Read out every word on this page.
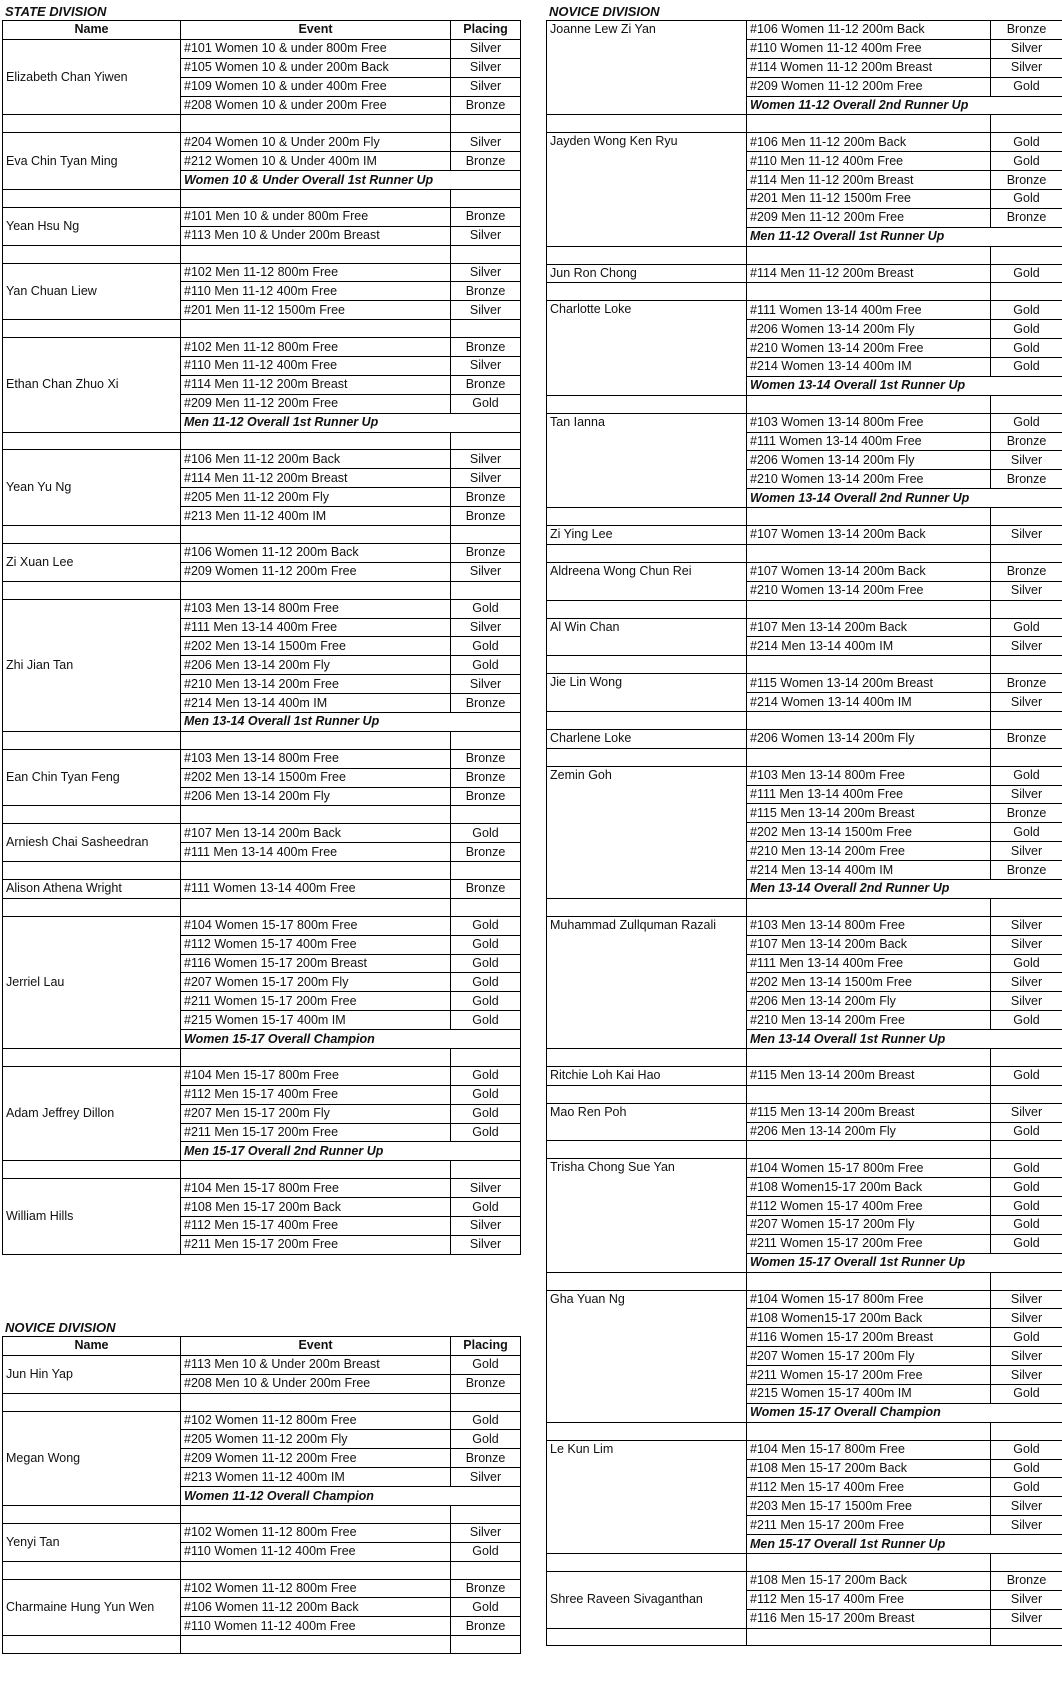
STATE DIVISION
Name	Event	Placing
Elizabeth Chan Yiwen	#101 Women 10 & under 800m Free	Silver
	#105 Women 10 & under 200m Back	Silver
	#109 Women 10 & under 400m Free	Silver
	#208 Women 10 & under 200m Free	Bronze

Eva Chin Tyan Ming	#204 Women 10 & Under 200m Fly	Silver
	#212 Women 10 & Under 400m IM	Bronze
	Women 10 & Under Overall 1st Runner Up	

Yean Hsu Ng	#101 Men 10 & under 800m Free	Bronze
	#113 Men 10 & Under 200m Breast	Silver

Yan Chuan Liew	#102 Men 11-12 800m Free	Silver
	#110 Men 11-12 400m Free	Bronze
	#201 Men 11-12 1500m Free	Silver

Ethan Chan Zhuo Xi	#102 Men 11-12 800m Free	Bronze
	#110 Men 11-12 400m Free	Silver
	#114 Men 11-12 200m Breast	Bronze
	#209 Men 11-12 200m Free	Gold
	Men 11-12 Overall 1st Runner Up	

Yean Yu Ng	#106 Men 11-12 200m Back	Silver
	#114 Men 11-12 200m Breast	Silver
	#205 Men 11-12 200m Fly	Bronze
	#213 Men 11-12 400m IM	Bronze

Zi Xuan Lee	#106 Women 11-12 200m Back	Bronze
	#209 Women 11-12 200m Free	Silver

Zhi Jian Tan	#103 Men 13-14 800m Free	Gold
	#111 Men 13-14 400m Free	Silver
	#202 Men 13-14 1500m Free	Gold
	#206 Men 13-14 200m Fly	Gold
	#210 Men 13-14 200m Free	Silver
	#214 Men 13-14 400m IM	Bronze
	Men 13-14 Overall 1st Runner Up	

Ean Chin Tyan Feng	#103 Men 13-14 800m Free	Bronze
	#202 Men 13-14 1500m Free	Bronze
	#206 Men 13-14 200m Fly	Bronze

Arniesh Chai Sasheedran	#107 Men 13-14 200m Back	Gold
	#111 Men 13-14 400m Free	Bronze

Alison Athena Wright	#111 Women 13-14 400m Free	Bronze

Jerriel Lau	#104 Women 15-17 800m Free	Gold
	#112 Women 15-17 400m Free	Gold
	#116 Women 15-17 200m Breast	Gold
	#207 Women 15-17 200m Fly	Gold
	#211 Women 15-17 200m Free	Gold
	#215 Women 15-17 400m IM	Gold
	Women 15-17 Overall Champion	

Adam Jeffrey Dillon	#104 Men 15-17 800m Free	Gold
	#112 Men 15-17 400m Free	Gold
	#207 Men 15-17 200m Fly	Gold
	#211 Men 15-17 200m Free	Gold
	Men 15-17 Overall 2nd Runner Up	

William Hills	#104 Men 15-17 800m Free	Silver
	#108 Men 15-17 200m Back	Gold
	#112 Men 15-17 400m Free	Silver
	#211 Men 15-17 200m Free	Silver
NOVICE DIVISION
Name	Event	Placing
Jun Hin Yap	#113 Men 10 & Under 200m Breast	Gold
	#208 Men 10 & Under 200m Free	Bronze

Megan Wong	#102 Women 11-12 800m Free	Gold
	#205 Women 11-12 200m Fly	Gold
	#209 Women 11-12 200m Free	Bronze
	#213 Women 11-12 400m IM	Silver
	Women 11-12 Overall Champion	

Yenyi Tan	#102 Women 11-12 800m Free	Silver
	#110 Women 11-12 400m Free	Gold

Charmaine Hung Yun Wen	#102 Women 11-12 800m Free	Bronze
	#106 Women 11-12 200m Back	Gold
	#110 Women 11-12 400m Free	Bronze

NOVICE DIVISION
Joanne Lew Zi Yan	#106 Women 11-12 200m Back	Bronze
	#110 Women 11-12 400m Free	Silver
	#114 Women 11-12 200m Breast	Silver
	#209 Women 11-12 200m Free	Gold
	Women 11-12 Overall 2nd Runner Up	

Jayden Wong Ken Ryu	#106 Men 11-12 200m Back	Gold
	#110 Men 11-12 400m Free	Gold
	#114 Men 11-12 200m Breast	Bronze
	#201 Men 11-12 1500m Free	Gold
	#209 Men 11-12 200m Free	Bronze
	Men 11-12 Overall 1st Runner Up	

Jun Ron Chong	#114 Men 11-12 200m Breast	Gold

Charlotte Loke	#111 Women 13-14 400m Free	Gold
	#206 Women 13-14 200m Fly	Gold
	#210 Women 13-14 200m Free	Gold
	#214 Women 13-14 400m IM	Gold
	Women 13-14 Overall 1st Runner Up	

Tan Ianna	#103 Women 13-14 800m Free	Gold
	#111 Women 13-14 400m Free	Bronze
	#206 Women 13-14 200m Fly	Silver
	#210 Women 13-14 200m Free	Bronze
	Women 13-14 Overall 2nd Runner Up	

Zi Ying Lee	#107 Women 13-14 200m Back	Silver

Aldreena Wong Chun Rei	#107 Women 13-14 200m Back	Bronze
	#210 Women 13-14 200m Free	Silver

Al Win Chan	#107 Men 13-14 200m Back	Gold
	#214 Men 13-14 400m IM	Silver

Jie Lin Wong	#115 Women 13-14 200m Breast	Bronze
	#214 Women 13-14 400m IM	Silver

Charlene Loke	#206 Women 13-14 200m Fly	Bronze

Zemin Goh	#103 Men 13-14 800m Free	Gold
	#111 Men 13-14 400m Free	Silver
	#115 Men 13-14 200m Breast	Bronze
	#202 Men 13-14 1500m Free	Gold
	#210 Men 13-14 200m Free	Silver
	#214 Men 13-14 400m IM	Bronze
	Men 13-14 Overall 2nd Runner Up	

Muhammad Zullquman Razali	#103 Men 13-14 800m Free	Silver
	#107 Men 13-14 200m Back	Silver
	#111 Men 13-14 400m Free	Gold
	#202 Men 13-14 1500m Free	Silver
	#206 Men 13-14 200m Fly	Silver
	#210 Men 13-14 200m Free	Gold
	Men 13-14 Overall 1st Runner Up	

Ritchie Loh Kai Hao	#115 Men 13-14 200m Breast	Gold

Mao Ren Poh	#115 Men 13-14 200m Breast	Silver
	#206 Men 13-14 200m Fly	Gold

Trisha Chong Sue Yan	#104 Women 15-17 800m Free	Gold
	#108 Women15-17 200m Back	Gold
	#112 Women 15-17 400m Free	Gold
	#207 Women 15-17 200m Fly	Gold
	#211 Women 15-17 200m Free	Gold
	Women 15-17 Overall 1st Runner Up	

Gha Yuan Ng	#104 Women 15-17 800m Free	Silver
	#108 Women15-17 200m Back	Silver
	#116 Women 15-17 200m Breast	Gold
	#207 Women 15-17 200m Fly	Silver
	#211 Women 15-17 200m Free	Silver
	#215 Women 15-17 400m IM	Gold
	Women 15-17 Overall Champion	

Le Kun Lim	#104 Men 15-17 800m Free	Gold
	#108 Men 15-17 200m Back	Gold
	#112 Men 15-17 400m Free	Gold
	#203 Men 15-17 1500m Free	Silver
	#211 Men 15-17 200m Free	Silver
	Men 15-17 Overall 1st Runner Up	

Shree Raveen Sivaganthan	#108 Men 15-17 200m Back	Bronze
	#112 Men 15-17 400m Free	Silver
	#116 Men 15-17 200m Breast	Silver
